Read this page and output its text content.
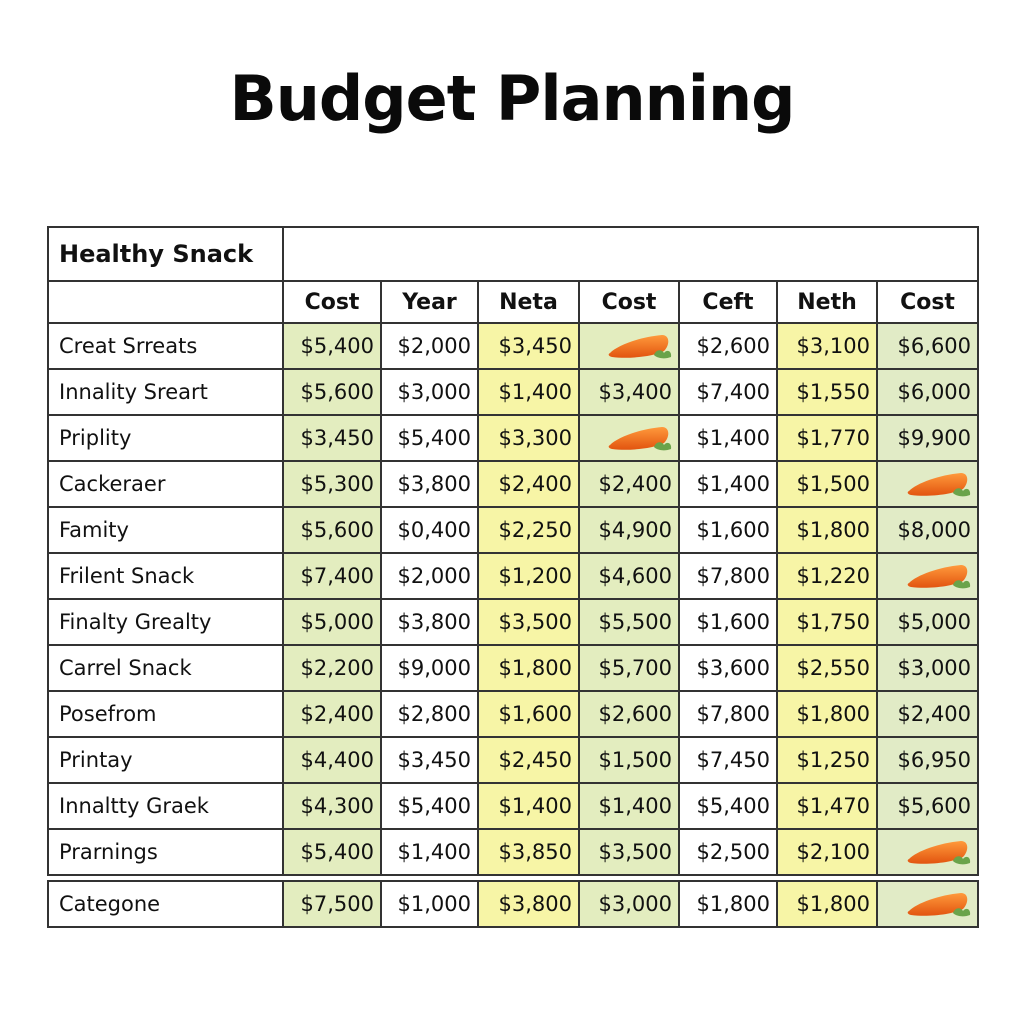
Budget Planning
Healthy Snack							
	Cost	Year	Neta	Cost	Ceft	Neth	Cost
Creat Srreats	$5,400	$2,000	$3,450		$2,600	$3,100	$6,600
Innality Sreart	$5,600	$3,000	$1,400	$3,400	$7,400	$1,550	$6,000
Priplity	$3,450	$5,400	$3,300		$1,400	$1,770	$9,900
Cackeraer	$5,300	$3,800	$2,400	$2,400	$1,400	$1,500	
Famity	$5,600	$0,400	$2,250	$4,900	$1,600	$1,800	$8,000
Frilent Snack	$7,400	$2,000	$1,200	$4,600	$7,800	$1,220	
Finalty Grealty	$5,000	$3,800	$3,500	$5,500	$1,600	$1,750	$5,000
Carrel Snack	$2,200	$9,000	$1,800	$5,700	$3,600	$2,550	$3,000
Posefrom	$2,400	$2,800	$1,600	$2,600	$7,800	$1,800	$2,400
Printay	$4,400	$3,450	$2,450	$1,500	$7,450	$1,250	$6,950
Innaltty Graek	$4,300	$5,400	$1,400	$1,400	$5,400	$1,470	$5,600
Prarnings	$5,400	$1,400	$3,850	$3,500	$2,500	$2,100	
Categone	$7,500	$1,000	$3,800	$3,000	$1,800	$1,800	
